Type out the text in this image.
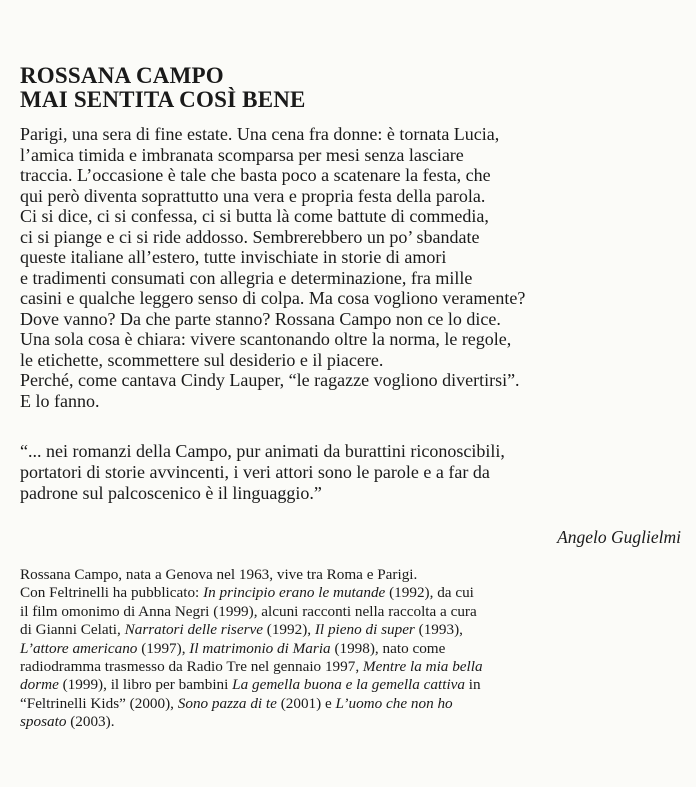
ROSSANA CAMPO
MAI SENTITA COSÌ BENE
Parigi, una sera di fine estate. Una cena fra donne: è tornata Lucia,
l’amica timida e imbranata scomparsa per mesi senza lasciare
traccia. L’occasione è tale che basta poco a scatenare la festa, che
qui però diventa soprattutto una vera e propria festa della parola.
Ci si dice, ci si confessa, ci si butta là come battute di commedia,
ci si piange e ci si ride addosso. Sembrerebbero un po’ sbandate
queste italiane all’estero, tutte invischiate in storie di amori
e tradimenti consumati con allegria e determinazione, fra mille
casini e qualche leggero senso di colpa. Ma cosa vogliono veramente?
Dove vanno? Da che parte stanno? Rossana Campo non ce lo dice.
Una sola cosa è chiara: vivere scantonando oltre la norma, le regole,
le etichette, scommettere sul desiderio e il piacere.
Perché, come cantava Cindy Lauper, “le ragazze vogliono divertirsi”.
E lo fanno.
“... nei romanzi della Campo, pur animati da burattini riconoscibili,
portatori di storie avvincenti, i veri attori sono le parole e a far da
padrone sul palcoscenico è il linguaggio.”
Angelo Guglielmi
Rossana Campo, nata a Genova nel 1963, vive tra Roma e Parigi.
Con Feltrinelli ha pubblicato: In principio erano le mutande (1992), da cui
il film omonimo di Anna Negri (1999), alcuni racconti nella raccolta a cura
di Gianni Celati, Narratori delle riserve (1992), Il pieno di super (1993),
L’attore americano (1997), Il matrimonio di Maria (1998), nato come
radiodramma trasmesso da Radio Tre nel gennaio 1997, Mentre la mia bella
dorme (1999), il libro per bambini La gemella buona e la gemella cattiva in
“Feltrinelli Kids” (2000), Sono pazza di te (2001) e L’uomo che non ho
sposato (2003).
